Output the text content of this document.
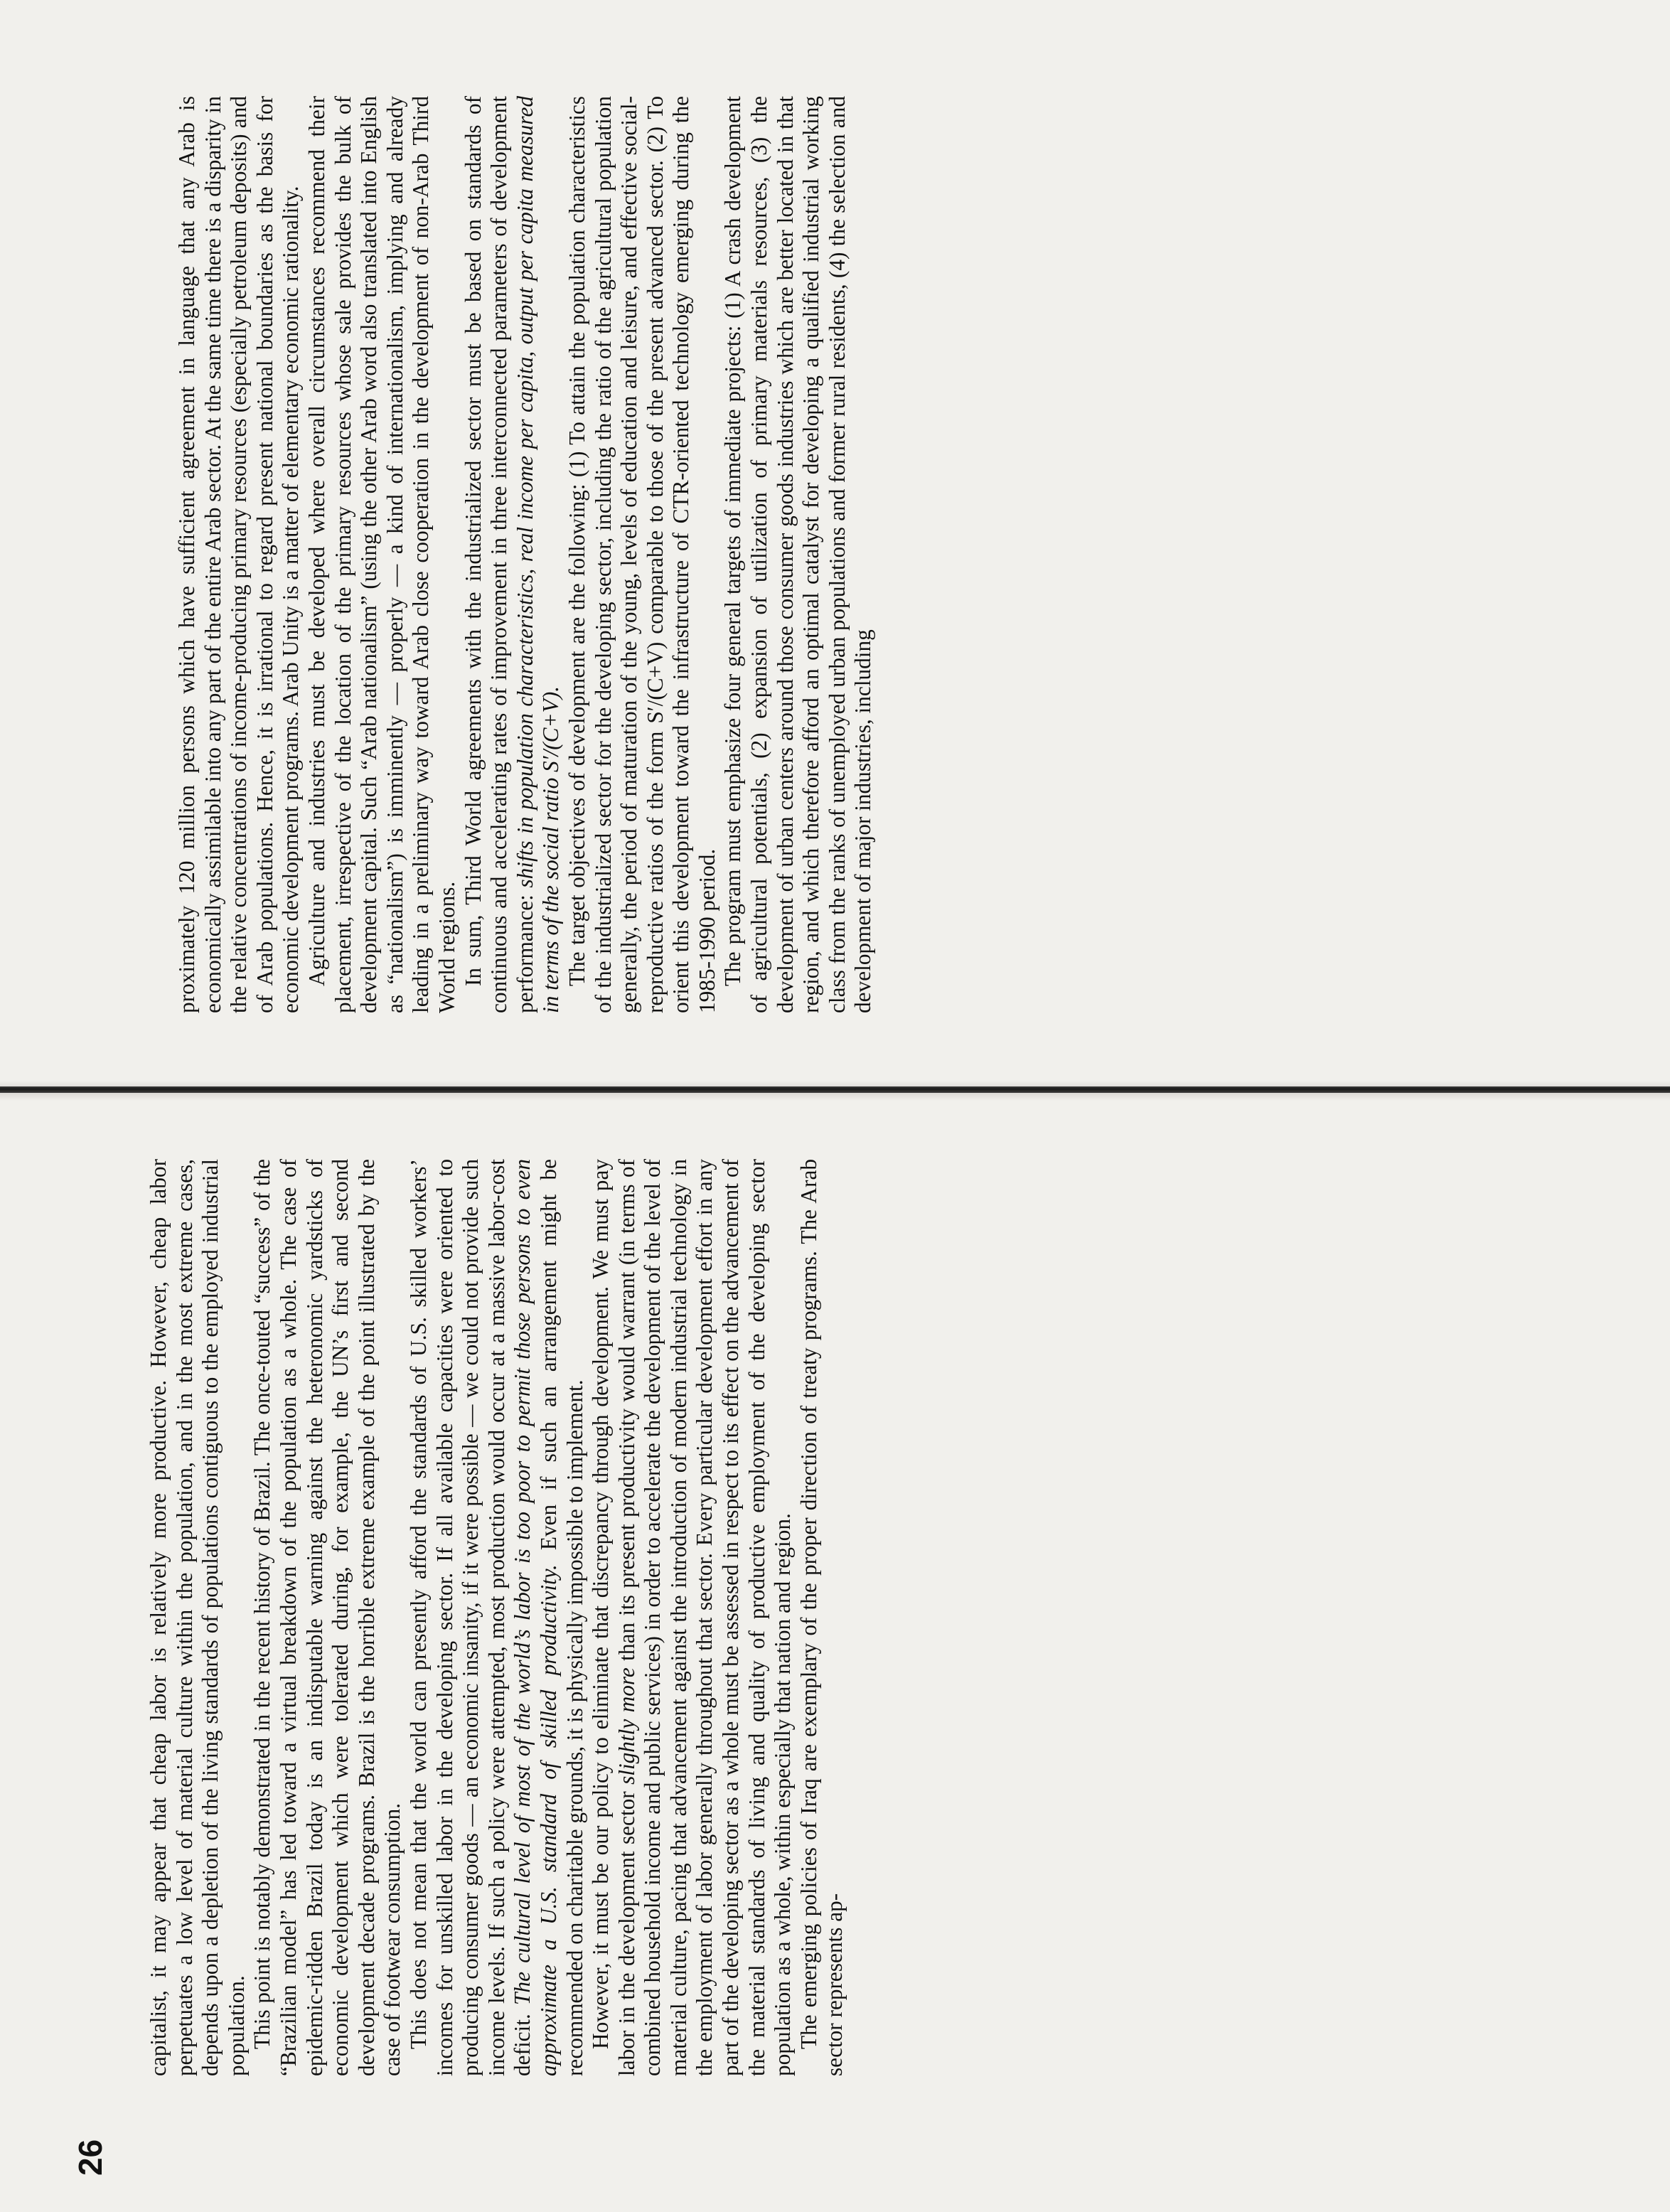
proximately 120 million persons which have sufficient agreement in language that any Arab is economically assimilable into any part of the entire Arab sector. At the same time there is a disparity in the relative concentrations of income-producing primary resources (especially petroleum deposits) and of Arab populations. Hence, it is irrational to regard present national boundaries as the basis for economic development programs. Arab Unity is a matter of elementary economic rationality. Agriculture and industries must be developed where overall circumstances recommend their placement, irrespective of the location of the primary resources whose sale provides the bulk of development capital. Such “Arab nationalism” (using the other Arab word also translated into English as “nationalism”) is imminently — properly — a kind of internationalism, implying and already leading in a preliminary way toward Arab close cooperation in the development of non-Arab Third World regions. In sum, Third World agreements with the industrialized sector must be based on standards of continuous and accelerating rates of improvement in three interconnected parameters of development performance: shifts in population characteristics, real income per capita, output per capita measured in terms of the social ratio S′/(C+V). The target objectives of development are the following: (1) To attain the population characteristics of the industrialized sector for the developing sector, including the ratio of the agricultural population generally, the period of maturation of the young, levels of education and leisure, and effective social-reproductive ratios of the form S′/(C+V) comparable to those of the present advanced sector. (2) To orient this development toward the infrastructure of CTR-oriented technology emerging during the 1985-1990 period. The program must emphasize four general targets of immediate projects: (1) A crash development of agricultural potentials, (2) expansion of utilization of primary materials resources, (3) the development of urban centers around those consumer goods industries which are better located in that region, and which therefore afford an optimal catalyst for developing a qualified industrial working class from the ranks of unemployed urban populations and former rural residents, (4) the selection and development of major industries, including

26

capitalist, it may appear that cheap labor is relatively more productive. However, cheap labor perpetuates a low level of material culture within the population, and in the most extreme cases, depends upon a depletion of the living standards of populations contiguous to the employed industrial population. This point is notably demonstrated in the recent history of Brazil. The once-touted “success” of the “Brazilian model” has led toward a virtual breakdown of the population as a whole. The case of epidemic-ridden Brazil today is an indisputable warning against the heteronomic yardsticks of economic development which were tolerated during, for example, the UN’s first and second development decade programs. Brazil is the horrible extreme example of the point illustrated by the case of footwear consumption. This does not mean that the world can presently afford the standards of U.S. skilled workers’ incomes for unskilled labor in the developing sector. If all available capacities were oriented to producing consumer goods — an economic insanity, if it were possible — we could not provide such income levels. If such a policy were attempted, most production would occur at a massive labor-cost deficit. The cultural level of most of the world’s labor is too poor to permit those persons to even approximate a U.S. standard of skilled productivity. Even if such an arrangement might be recommended on charitable grounds, it is physically impossible to implement. However, it must be our policy to eliminate that discrepancy through development. We must pay labor in the development sector slightly more than its present productivity would warrant (in terms of combined household income and public services) in order to accelerate the development of the level of material culture, pacing that advancement against the introduction of modern industrial technology in the employment of labor generally throughout that sector. Every particular development effort in any part of the developing sector as a whole must be assessed in respect to its effect on the advancement of the material standards of living and quality of productive employment of the developing sector population as a whole, within especially that nation and region. The emerging policies of Iraq are exemplary of the proper direction of treaty programs. The Arab sector represents ap-
